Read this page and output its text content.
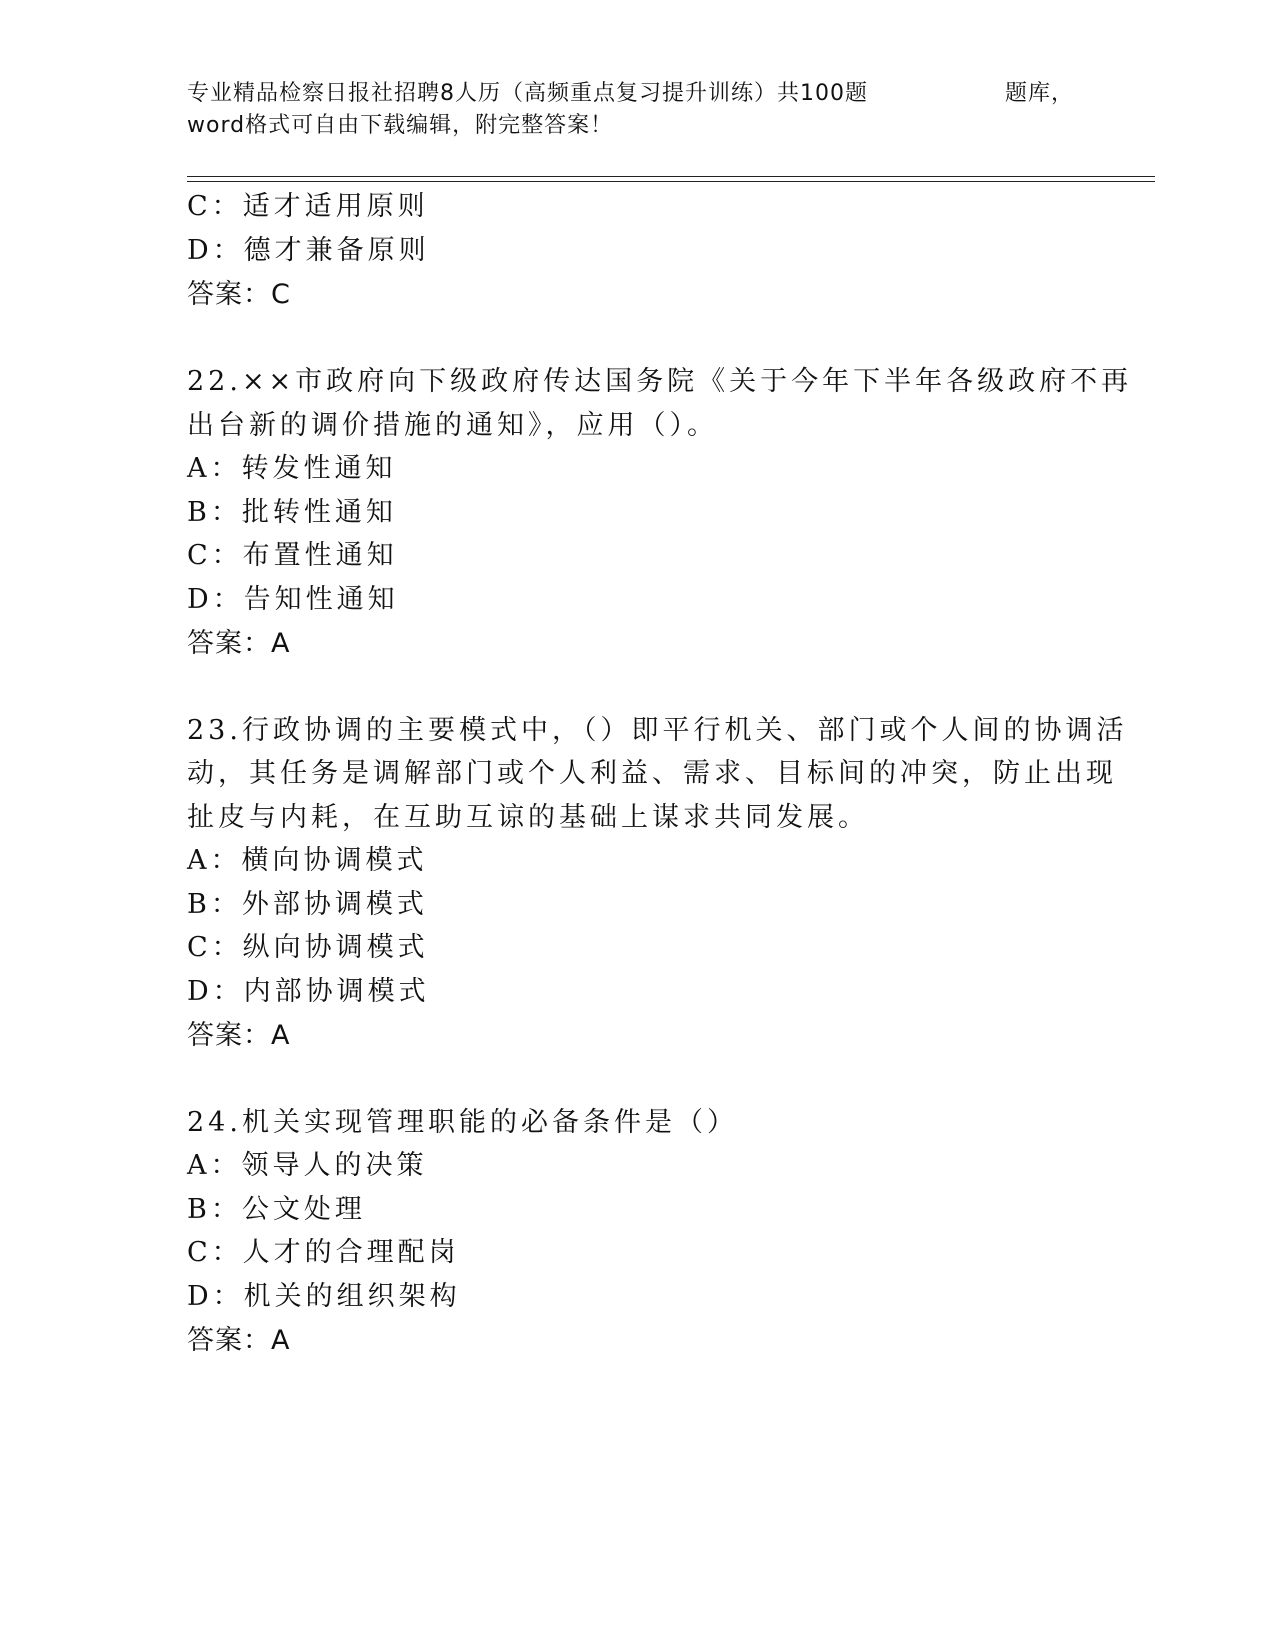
专业精品检察日报社招聘8人历（高频重点复习提升训练）共100题	题库，
word格式可自由下载编辑，附完整答案！
C：适才适用原则
D：德才兼备原则
答案：C
22.××市政府向下级政府传达国务院《关于今年下半年各级政府不再
出台新的调价措施的通知》，应用（）。
A：转发性通知
B：批转性通知
C：布置性通知
D：告知性通知
答案：A
23.行政协调的主要模式中，（）即平行机关、部门或个人间的协调活
动，其任务是调解部门或个人利益、需求、目标间的冲突，防止出现
扯皮与内耗，在互助互谅的基础上谋求共同发展。
A：横向协调模式
B：外部协调模式
C：纵向协调模式
D：内部协调模式
答案：A
24.机关实现管理职能的必备条件是（）
A：领导人的决策
B：公文处理
C：人才的合理配岗
D：机关的组织架构
答案：A
